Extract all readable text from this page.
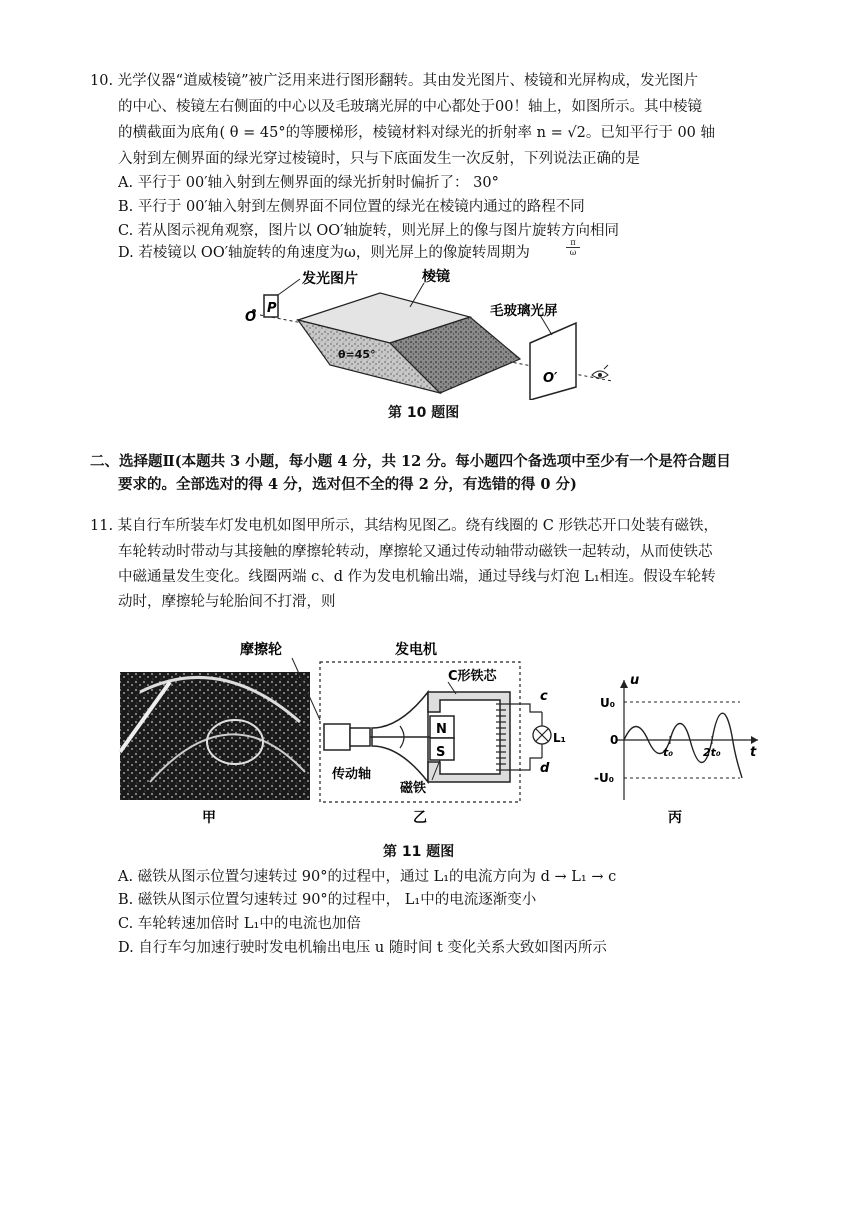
10. 光学仪器“道威棱镜”被广泛用来进行图形翻转。其由发光图片、棱镜和光屏构成，发光图片
的中心、棱镜左右侧面的中心以及毛玻璃光屏的中心都处于00！轴上，如图所示。其中棱镜
的横截面为底角( θ = 45°的等腰梯形，棱镜材料对绿光的折射率 n = √2。已知平行于 00 轴
入射到左侧界面的绿光穿过棱镜时，只与下底面发生一次反射，下列说法正确的是
A. 平行于 00′轴入射到左侧界面的绿光折射时偏折了： 30°
B. 平行于 00′轴入射到左侧界面不同位置的绿光在棱镜内通过的路程不同
C. 若从图示视角观察，图片以 OO′轴旋转，则光屏上的像与图片旋转方向相同
D. 若棱镜以 OO′轴旋转的角速度为ω，则光屏上的像旋转周期为
π
ω
O
P
发光图片
θ=45°
棱镜
毛玻璃光屏
O′
第 10 题图
二、选择题Ⅱ(本题共 3 小题，每小题 4 分，共 12 分。每小题四个备选项中至少有一个是符合题目
要求的。全部选对的得 4 分，选对但不全的得 2 分，有选错的得 0 分)
11. 某自行车所装车灯发电机如图甲所示，其结构见图乙。绕有线圈的 C 形铁芯开口处装有磁铁，
车轮转动时带动与其接触的摩擦轮转动，摩擦轮又通过传动轴带动磁铁一起转动，从而使铁芯
中磁通量发生变化。线圈两端 c、d 作为发电机输出端，通过导线与灯泡 L₁相连。假设车轮转
动时，摩擦轮与轮胎间不打滑，则
摩擦轮	发电机
传动轴
N
S
磁铁
C形铁芯
c
d
L₁
u
t
U₀
-U₀
0
t₀	2t₀
甲	乙	丙
第 11 题图
A. 磁铁从图示位置匀速转过 90°的过程中，通过 L₁的电流方向为 d → L₁ → c
B. 磁铁从图示位置匀速转过 90°的过程中， L₁中的电流逐渐变小
C. 车轮转速加倍时 L₁中的电流也加倍
D. 自行车匀加速行驶时发电机输出电压 u 随时间 t 变化关系大致如图丙所示
